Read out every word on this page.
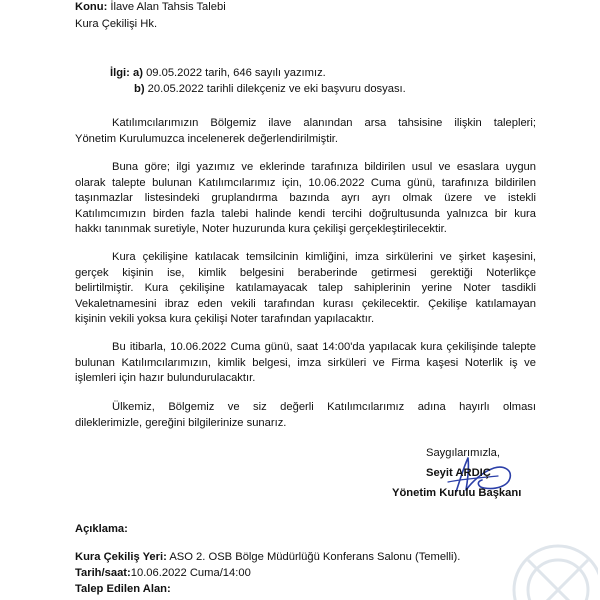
Konu: İlave Alan Tahsis Talebi
Kura Çekilişi Hk.
İlgi: a) 09.05.2022 tarih, 646 sayılı yazımız.
b) 20.05.2022 tarihli dilekçeniz ve eki başvuru dosyası.
Katılımcılarımızın Bölgemiz ilave alanından arsa tahsisine ilişkin talepleri;
Yönetim Kurulumuzca incelenerek değerlendirilmiştir.
Buna göre; ilgi yazımız ve eklerinde tarafınıza bildirilen usul ve esaslara uygun
olarak talepte bulunan Katılımcılarımız için, 10.06.2022 Cuma günü, tarafınıza bildirilen
taşınmazlar listesindeki gruplandırma bazında ayrı ayrı olmak üzere ve istekli
Katılımcımızın birden fazla talebi halinde kendi tercihi doğrultusunda yalnızca bir kura
hakkı tanınmak suretiyle, Noter huzurunda kura çekilişi gerçekleştirilecektir.
Kura çekilişine katılacak temsilcinin kimliğini, imza sirkülerini ve şirket kaşesini,
gerçek kişinin ise, kimlik belgesini beraberinde getirmesi gerektiği Noterlikçe
belirtilmiştir. Kura çekilişine katılamayacak talep sahiplerinin yerine Noter tasdikli
Vekaletnamesini ibraz eden vekili tarafından kurası çekilecektir. Çekilişe katılamayan
kişinin vekili yoksa kura çekilişi Noter tarafından yapılacaktır.
Bu itibarla, 10.06.2022 Cuma günü, saat 14:00'da yapılacak kura çekilişinde talepte
bulunan Katılımcılarımızın, kimlik belgesi, imza sirküleri ve Firma kaşesi Noterlik iş ve
işlemleri için hazır bulundurulacaktır.
Ülkemiz, Bölgemiz ve siz değerli Katılımcılarımız adına hayırlı olması
dileklerimizle, gereğini bilgilerinize sunarız.
Saygılarımızla,
Seyit ARDIÇ
Yönetim Kurulu Başkanı
Açıklama:
Kura Çekiliş Yeri: ASO 2. OSB Bölge Müdürlüğü Konferans Salonu (Temelli).
Tarih/saat:10.06.2022 Cuma/14:00
Talep Edilen Alan:
